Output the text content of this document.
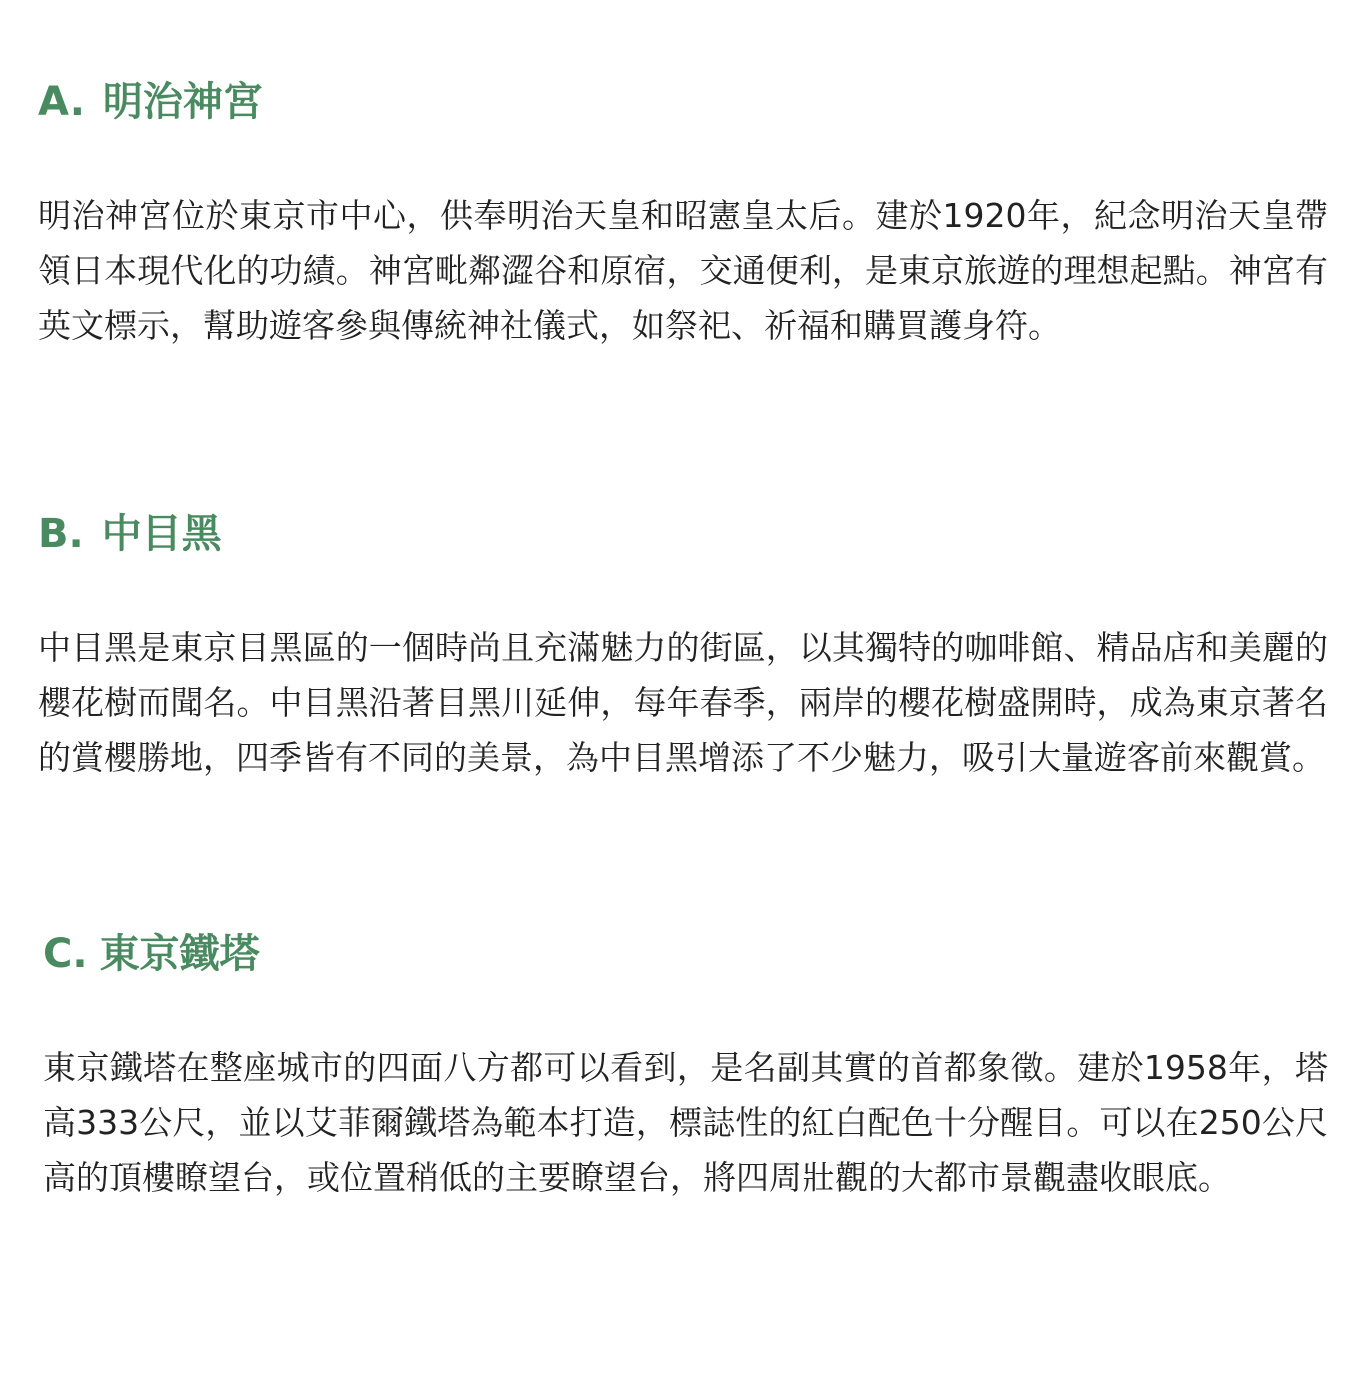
A. 明治神宮

明治神宮位於東京市中心，供奉明治天皇和昭憲皇太后。建於1920年，紀念明治天皇帶領日本現代化的功績。神宮毗鄰澀谷和原宿，交通便利，是東京旅遊的理想起點。神宮有英文標示，幫助遊客參與傳統神社儀式，如祭祀、祈福和購買護身符。

B. 中目黑

中目黑是東京目黑區的一個時尚且充滿魅力的街區，以其獨特的咖啡館、精品店和美麗的櫻花樹而聞名。中目黑沿著目黑川延伸，每年春季，兩岸的櫻花樹盛開時，成為東京著名的賞櫻勝地，四季皆有不同的美景，為中目黑增添了不少魅力，吸引大量遊客前來觀賞。

C. 東京鐵塔

東京鐵塔在整座城市的四面八方都可以看到，是名副其實的首都象徵。建於1958年，塔高333公尺，並以艾菲爾鐵塔為範本打造，標誌性的紅白配色十分醒目。可以在250公尺高的頂樓瞭望台，或位置稍低的主要瞭望台，將四周壯觀的大都市景觀盡收眼底。
